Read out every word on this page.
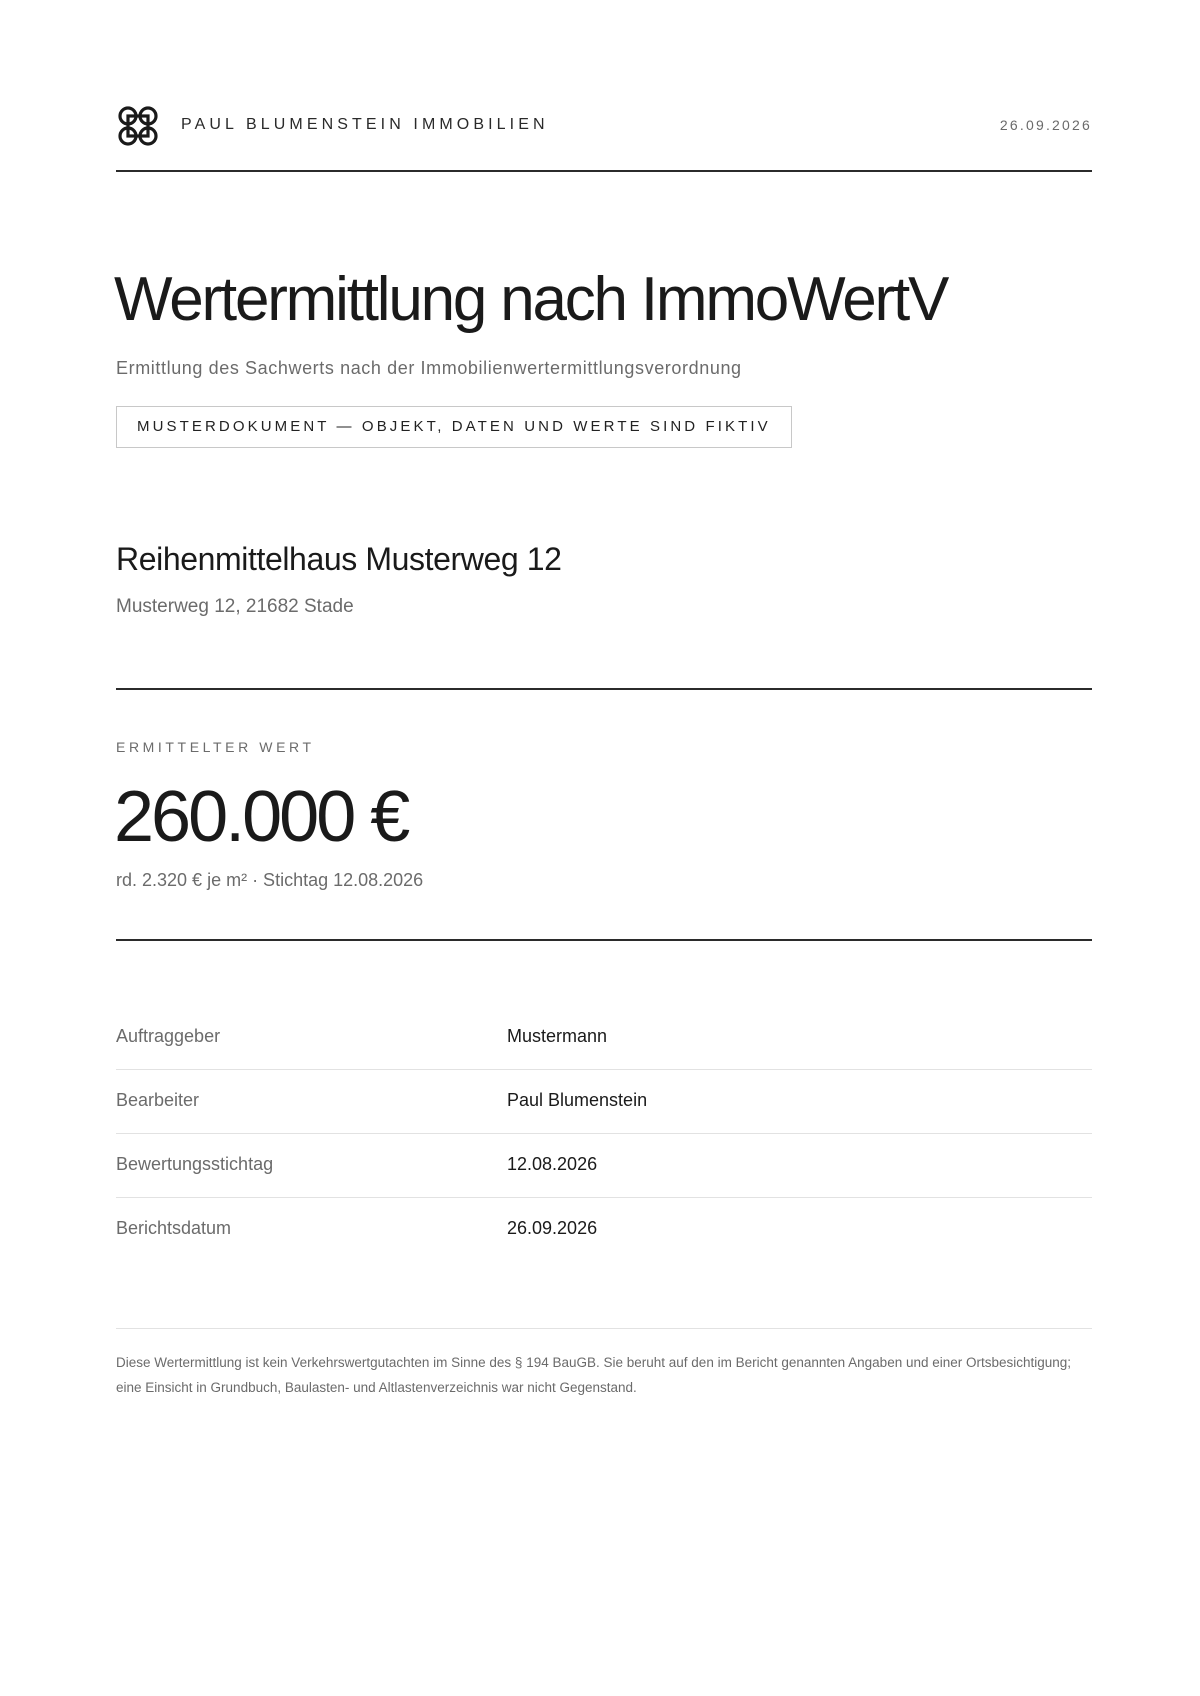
PAUL BLUMENSTEIN IMMOBILIEN	26.09.2026
Wertermittlung nach ImmoWertV
Ermittlung des Sachwerts nach der Immobilienwertermittlungsverordnung
MUSTERDOKUMENT — OBJEKT, DATEN UND WERTE SIND FIKTIV
Reihenmittelhaus Musterweg 12
Musterweg 12, 21682 Stade
ERMITTELTER WERT
260.000 €
rd. 2.320 € je m² · Stichtag 12.08.2026
Auftraggeber	Mustermann
Bearbeiter	Paul Blumenstein
Bewertungsstichtag	12.08.2026
Berichtsdatum	26.09.2026
Diese Wertermittlung ist kein Verkehrswertgutachten im Sinne des § 194 BauGB. Sie beruht auf den im Bericht genannten Angaben und einer Ortsbesichtigung; eine Einsicht in Grundbuch, Baulasten- und Altlastenverzeichnis war nicht Gegenstand.
